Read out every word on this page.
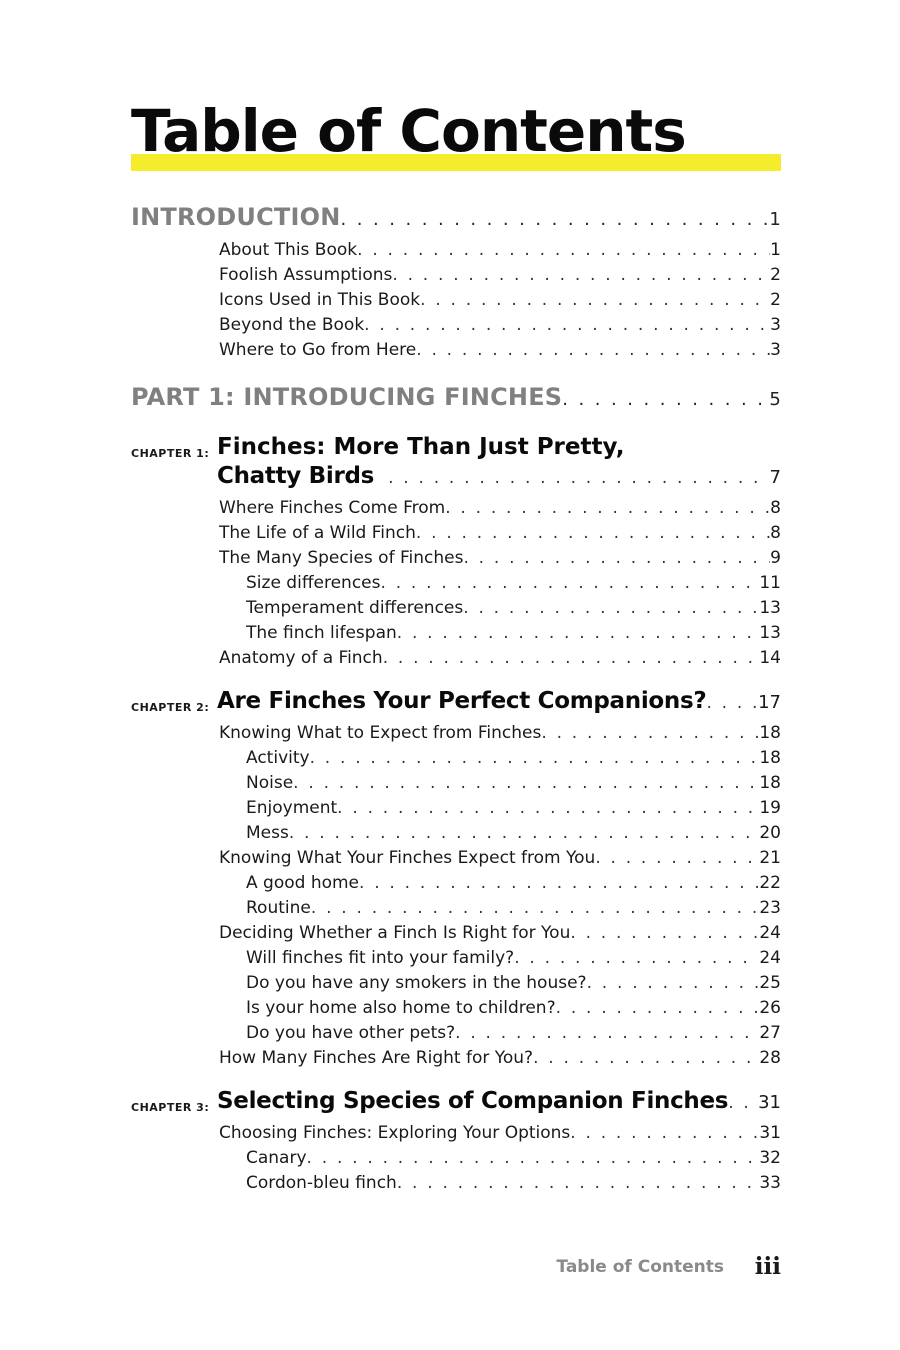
Table of Contents
INTRODUCTION . . .	1
About This Book . . .	1
Foolish Assumptions . . .	2
Icons Used in This Book . . .	2
Beyond the Book . . .	3
Where to Go from Here . . .	3
PART 1: INTRODUCING FINCHES . . .	5
CHAPTER 1: Finches: More Than Just Pretty,
Chatty Birds . . .	7
Where Finches Come From . . .	8
The Life of a Wild Finch . . .	8
The Many Species of Finches . . .	9
Size differences . . .	11
Temperament differences . . .	13
The finch lifespan . . .	13
Anatomy of a Finch . . .	14
CHAPTER 2: Are Finches Your Perfect Companions? . . .	17
Knowing What to Expect from Finches . . .	18
Activity . . .	18
Noise . . .	18
Enjoyment . . .	19
Mess . . .	20
Knowing What Your Finches Expect from You . . .	21
A good home . . .	22
Routine . . .	23
Deciding Whether a Finch Is Right for You . . .	24
Will finches fit into your family? . . .	24
Do you have any smokers in the house? . . .	25
Is your home also home to children? . . .	26
Do you have other pets? . . .	27
How Many Finches Are Right for You? . . .	28
CHAPTER 3: Selecting Species of Companion Finches . . . 31
Choosing Finches: Exploring Your Options . . .	31
Canary . . .	32
Cordon-bleu finch . . .	33
Table of Contents iii
